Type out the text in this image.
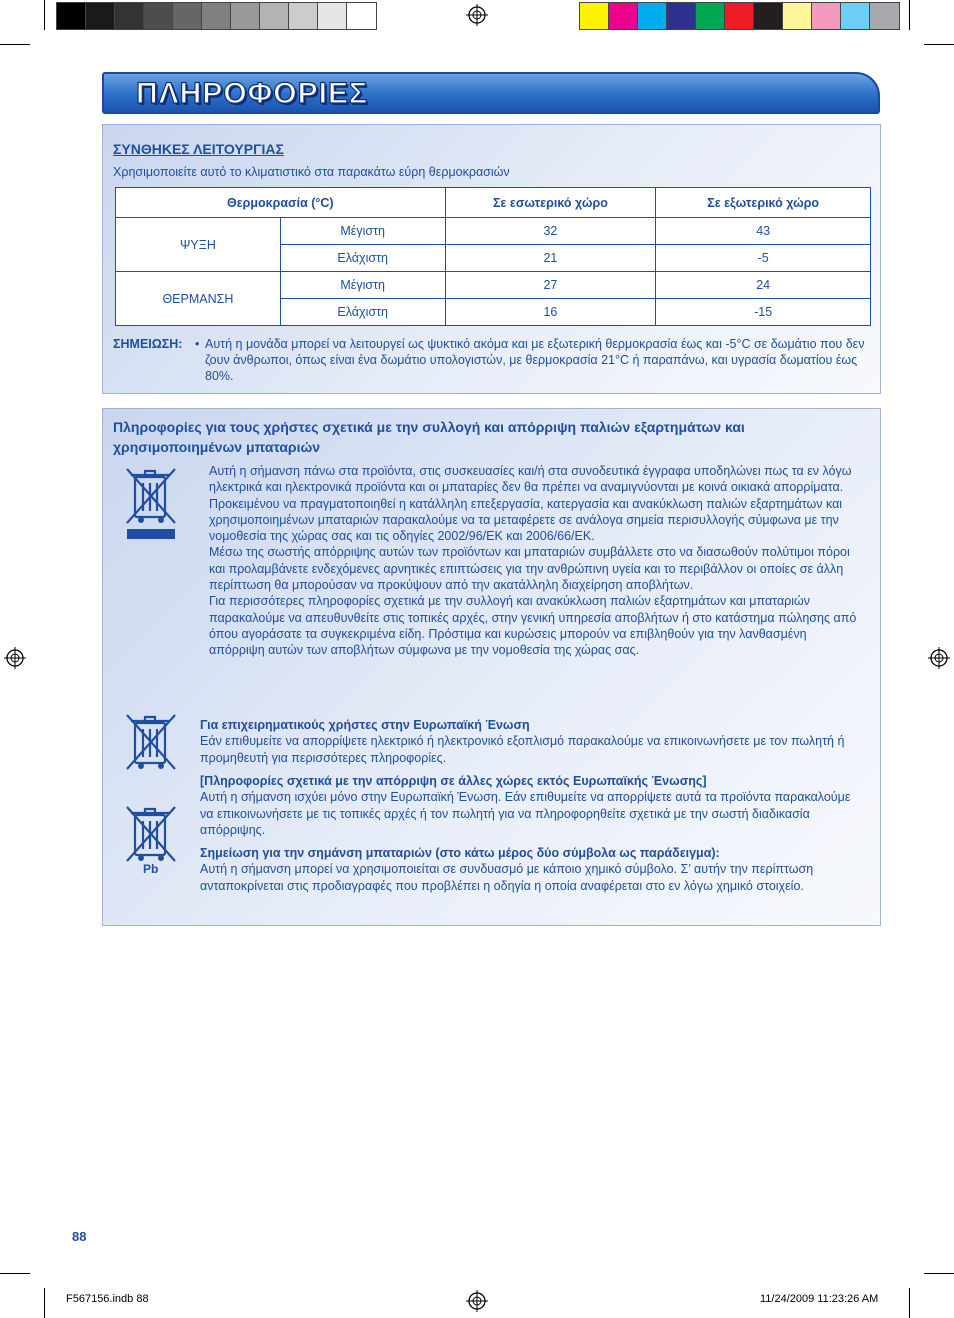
ΠΛΗΡΟΦΟΡΙΕΣ
ΣΥΝΘΗΚΕΣ ΛΕΙΤΟΥΡΓΙΑΣ
Χρησιμοποιείτε αυτό το κλιματιστικό στα παρακάτω εύρη θερμοκρασιών
Θερμοκρασία (°C)		Σε εσωτερικό χώρο	Σε εξωτερικό χώρο
ΨΥΞΗ	Μέγιστη	32	43
	Ελάχιστη	21	-5
ΘΕΡΜΑΝΣΗ	Μέγιστη	27	24
	Ελάχιστη	16	-15
ΣΗΜΕΙΩΣΗ: • Αυτή η μονάδα μπορεί να λειτουργεί ως ψυκτικό ακόμα και με εξωτερική θερμοκρασία έως και -5°C σε δωμάτιο που δεν ζουν άνθρωποι, όπως είναι ένα δωμάτιο υπολογιστών, με θερμοκρασία 21°C ή παραπάνω, και υγρασία δωματίου έως 80%.
Πληροφορίες για τους χρήστες σχετικά με την συλλογή και απόρριψη παλιών εξαρτημάτων και χρησιμοποιημένων μπαταριών
Αυτή η σήμανση πάνω στα προϊόντα, στις συσκευασίες και/ή στα συνοδευτικά έγγραφα υποδηλώνει πως τα εν λόγω ηλεκτρικά και ηλεκτρονικά προϊόντα και οι μπαταρίες δεν θα πρέπει να αναμιγνύονται με κοινά οικιακά απορρίματα. Προκειμένου να πραγματοποιηθεί η κατάλληλη επεξεργασία, κατεργασία και ανακύκλωση παλιών εξαρτημάτων και χρησιμοποιημένων μπαταριών παρακαλούμε να τα μεταφέρετε σε ανάλογα σημεία περισυλλογής σύμφωνα με την νομοθεσία της χώρας σας και τις οδηγίες 2002/96/ΕΚ και 2006/66/ΕΚ.
Μέσω της σωστής απόρριψης αυτών των προϊόντων και μπαταριών συμβάλλετε στο να διασωθούν πολύτιμοι πόροι και προλαμβάνετε ενδεχόμενες αρνητικές επιπτώσεις για την ανθρώπινη υγεία και το περιβάλλον οι οποίες σε άλλη περίπτωση θα μπορούσαν να προκύψουν από την ακατάλληλη διαχείρηση αποβλήτων.
Για περισσότερες πληροφορίες σχετικά με την συλλογή και ανακύκλωση παλιών εξαρτημάτων και μπαταριών παρακαλούμε να απευθυνθείτε στις τοπικές αρχές, στην γενική υπηρεσία αποβλήτων ή στο κατάστημα πώλησης από όπου αγοράσατε τα συγκεκριμένα είδη. Πρόστιμα και κυρώσεις μπορούν να επιβληθούν για την λανθασμένη απόρριψη αυτών των αποβλήτων σύμφωνα με την νομοθεσία της χώρας σας.
Pb
Για επιχειρηματικούς χρήστες στην Ευρωπαϊκή Ένωση
Εάν επιθυμείτε να απορρίψετε ηλεκτρικό ή ηλεκτρονικό εξοπλισμό παρακαλούμε να επικοινωνήσετε με τον πωλητή ή προμηθευτή για περισσότερες πληροφορίες.
[Πληροφορίες σχετικά με την απόρριψη σε άλλες χώρες εκτός Ευρωπαϊκής Ένωσης]
Αυτή η σήμανση ισχύει μόνο στην Ευρωπαϊκή Ένωση. Εάν επιθυμείτε να απορρίψετε αυτά τα προϊόντα παρακαλούμε να επικοινωνήσετε με τις τοπικές αρχές ή τον πωλητή για να πληροφορηθείτε σχετικά με την σωστή διαδικασία απόρριψης.
Σημείωση για την σημάνση μπαταριών (στο κάτω μέρος δύο σύμβολα ως παράδειγμα):
Αυτή η σήμανση μπορεί να χρησιμοποιείται σε συνδυασμό με κάποιο χημικό σύμβολο. Σ’ αυτήν την περίπτωση ανταποκρίνεται στις προδιαγραφές που προβλέπει η οδηγία η οποία αναφέρεται στο εν λόγω χημικό στοιχείο.
88
F567156.indb 88	11/24/2009 11:23:26 AM
